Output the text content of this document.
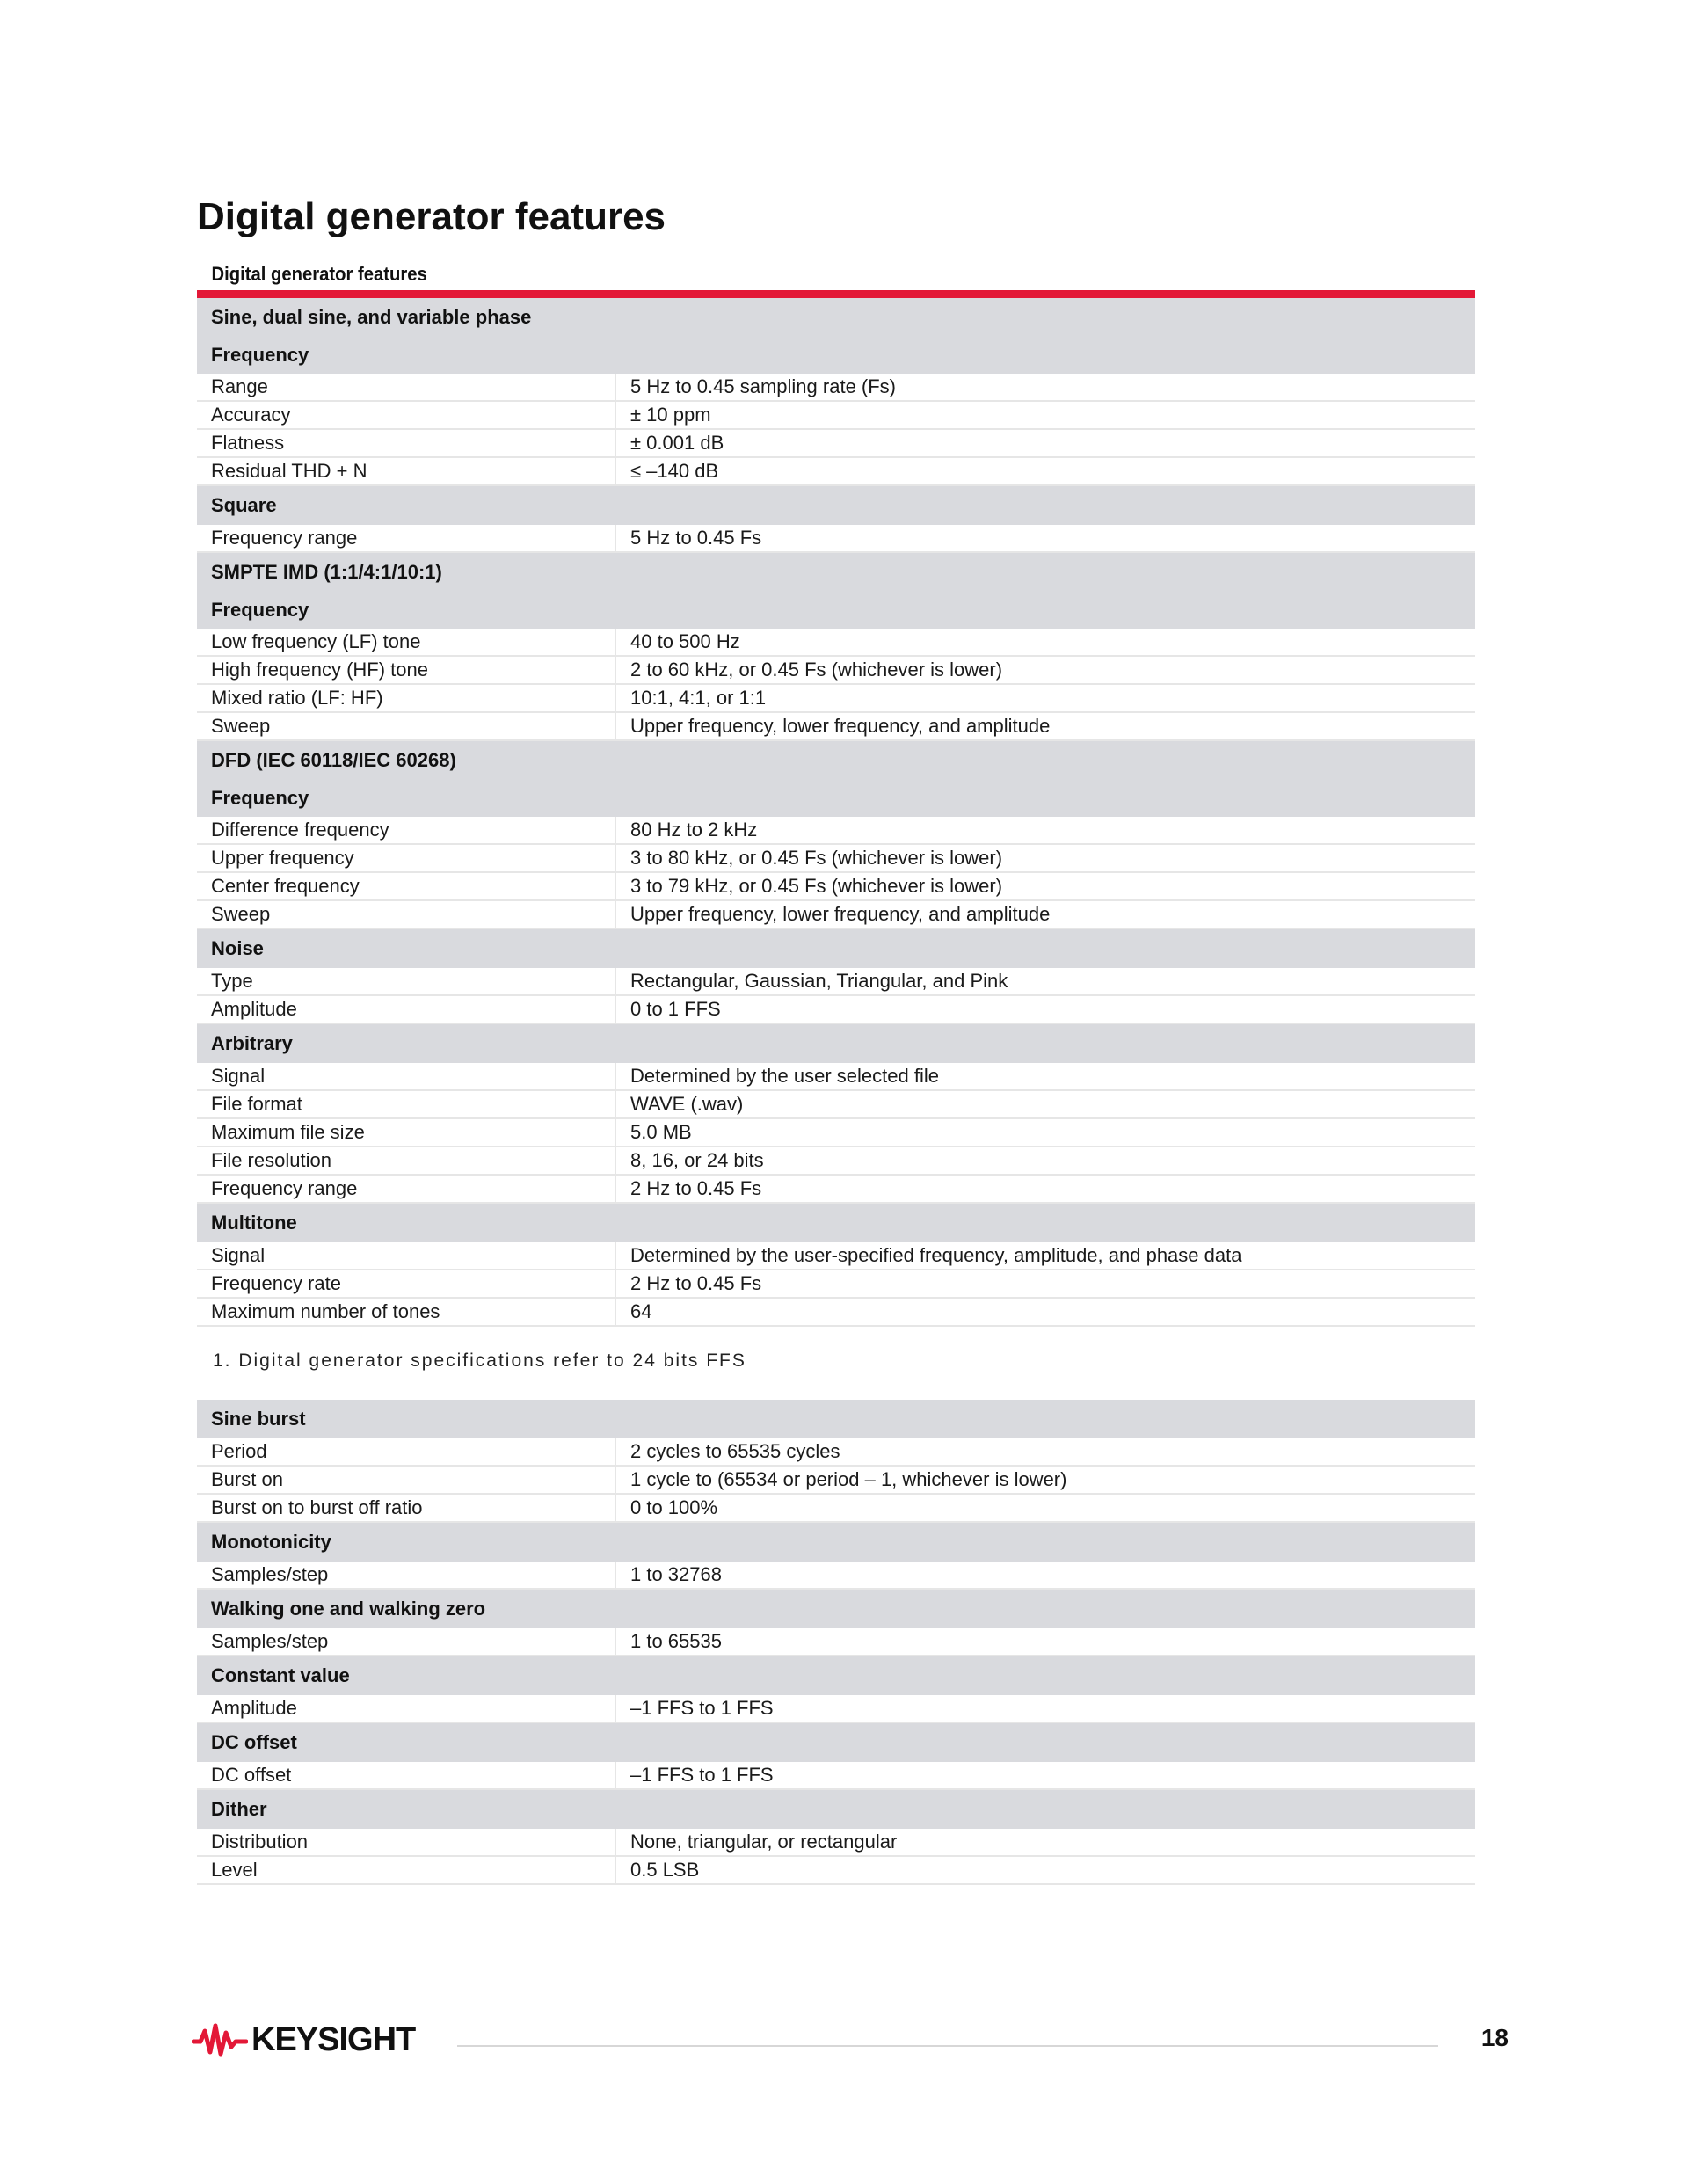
Digital generator features
Digital generator features
Sine, dual sine, and variable phase	
Frequency	
Range	5 Hz to 0.45 sampling rate (Fs)
Accuracy	± 10 ppm
Flatness	± 0.001 dB
Residual THD + N	≤ –140 dB
Square	
Frequency range	5 Hz to 0.45 Fs
SMPTE IMD (1:1/4:1/10:1)	
Frequency	
Low frequency (LF) tone	40 to 500 Hz
High frequency (HF) tone	2 to 60 kHz, or 0.45 Fs (whichever is lower)
Mixed ratio (LF: HF)	10:1, 4:1, or 1:1
Sweep	Upper frequency, lower frequency, and amplitude
DFD (IEC 60118/IEC 60268)	
Frequency	
Difference frequency	80 Hz to 2 kHz
Upper frequency	3 to 80 kHz, or 0.45 Fs (whichever is lower)
Center frequency	3 to 79 kHz, or 0.45 Fs (whichever is lower)
Sweep	Upper frequency, lower frequency, and amplitude
Noise	
Type	Rectangular, Gaussian, Triangular, and Pink
Amplitude	0 to 1 FFS
Arbitrary	
Signal	Determined by the user selected file
File format	WAVE (.wav)
Maximum file size	5.0 MB
File resolution	8, 16, or 24 bits
Frequency range	2 Hz to 0.45 Fs
Multitone	
Signal	Determined by the user-specified frequency, amplitude, and phase data
Frequency rate	2 Hz to 0.45 Fs
Maximum number of tones	64
1. Digital generator specifications refer to 24 bits FFS
Sine burst	
Period	2 cycles to 65535 cycles
Burst on	1 cycle to (65534 or period – 1, whichever is lower)
Burst on to burst off ratio	0 to 100%
Monotonicity	
Samples/step	1 to 32768
Walking one and walking zero	
Samples/step	1 to 65535
Constant value	
Amplitude	–1 FFS to 1 FFS
DC offset	
DC offset	–1 FFS to 1 FFS
Dither	
Distribution	None, triangular, or rectangular
Level	0.5 LSB
KEYSIGHT	18
